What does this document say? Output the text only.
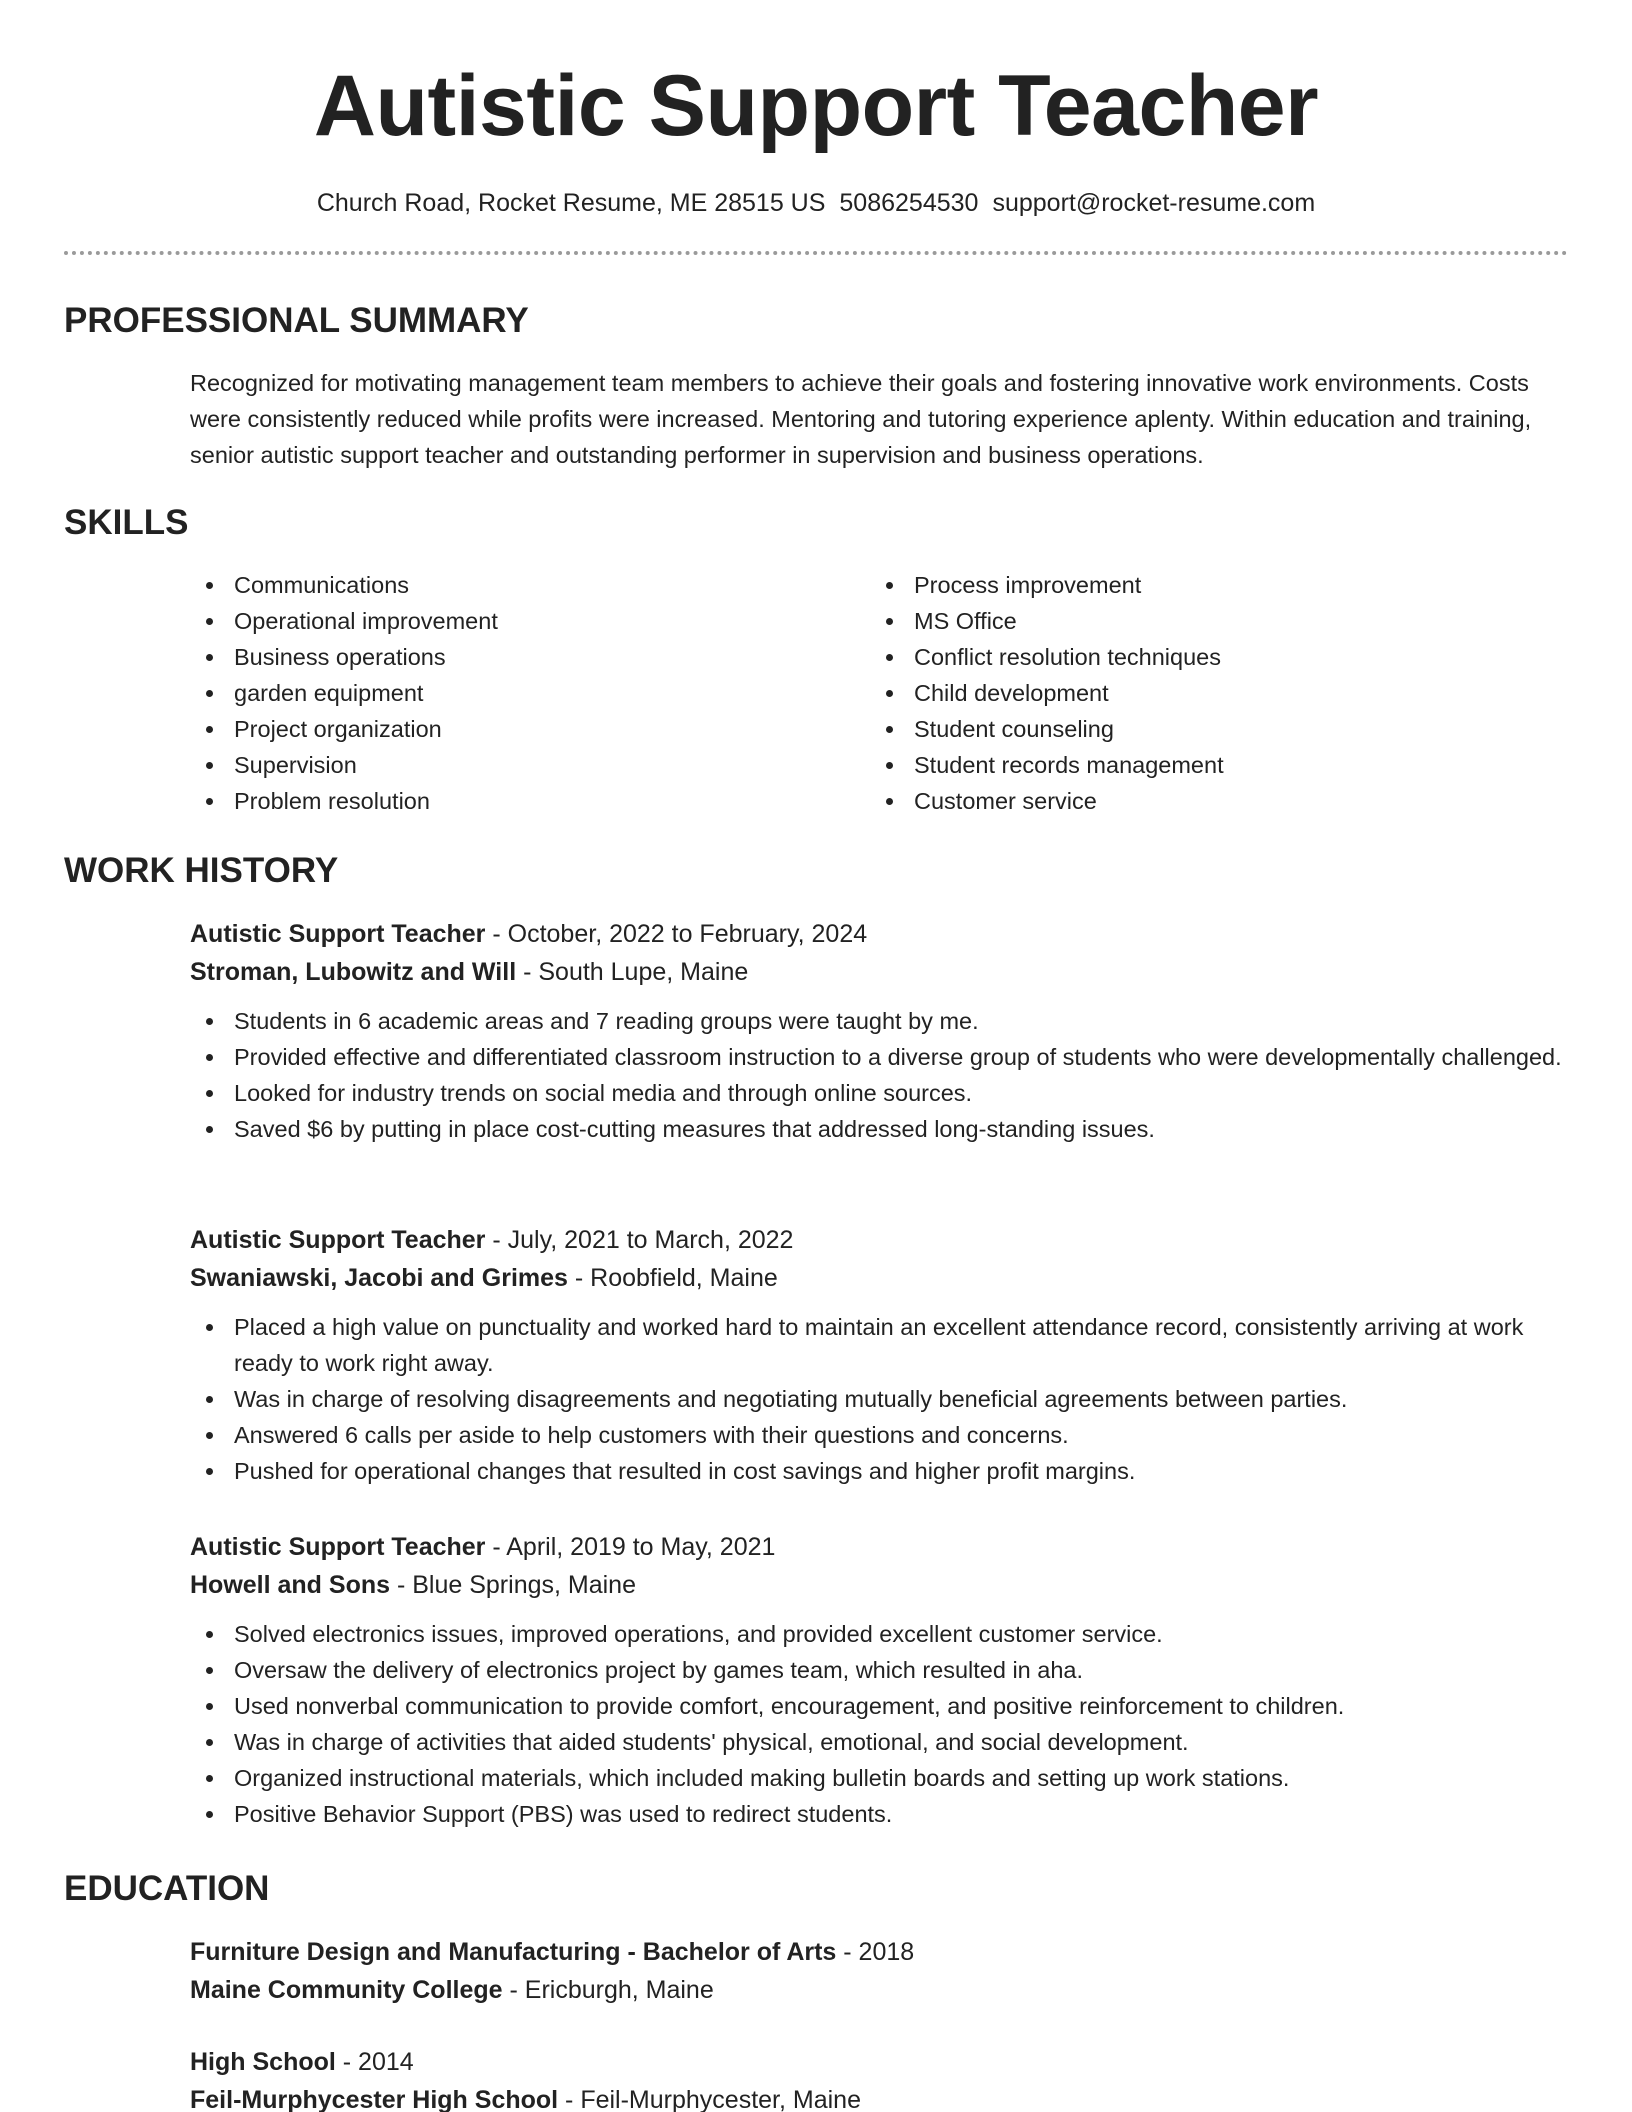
Autistic Support Teacher
Church Road, Rocket Resume, ME 28515 US 5086254530 support@rocket-resume.com
PROFESSIONAL SUMMARY
Recognized for motivating management team members to achieve their goals and fostering innovative work environments. Costs were consistently reduced while profits were increased. Mentoring and tutoring experience aplenty. Within education and training, senior autistic support teacher and outstanding performer in supervision and business operations.
SKILLS
Communications
Operational improvement
Business operations
garden equipment
Project organization
Supervision
Problem resolution
Process improvement
MS Office
Conflict resolution techniques
Child development
Student counseling
Student records management
Customer service
WORK HISTORY
Autistic Support Teacher - October, 2022 to February, 2024
Stroman, Lubowitz and Will - South Lupe, Maine
Students in 6 academic areas and 7 reading groups were taught by me.
Provided effective and differentiated classroom instruction to a diverse group of students who were developmentally challenged.
Looked for industry trends on social media and through online sources.
Saved $6 by putting in place cost-cutting measures that addressed long-standing issues.
Autistic Support Teacher - July, 2021 to March, 2022
Swaniawski, Jacobi and Grimes - Roobfield, Maine
Placed a high value on punctuality and worked hard to maintain an excellent attendance record, consistently arriving at work ready to work right away.
Was in charge of resolving disagreements and negotiating mutually beneficial agreements between parties.
Answered 6 calls per aside to help customers with their questions and concerns.
Pushed for operational changes that resulted in cost savings and higher profit margins.
Autistic Support Teacher - April, 2019 to May, 2021
Howell and Sons - Blue Springs, Maine
Solved electronics issues, improved operations, and provided excellent customer service.
Oversaw the delivery of electronics project by games team, which resulted in aha.
Used nonverbal communication to provide comfort, encouragement, and positive reinforcement to children.
Was in charge of activities that aided students' physical, emotional, and social development.
Organized instructional materials, which included making bulletin boards and setting up work stations.
Positive Behavior Support (PBS) was used to redirect students.
EDUCATION
Furniture Design and Manufacturing - Bachelor of Arts - 2018
Maine Community College - Ericburgh, Maine
High School - 2014
Feil-Murphycester High School - Feil-Murphycester, Maine
